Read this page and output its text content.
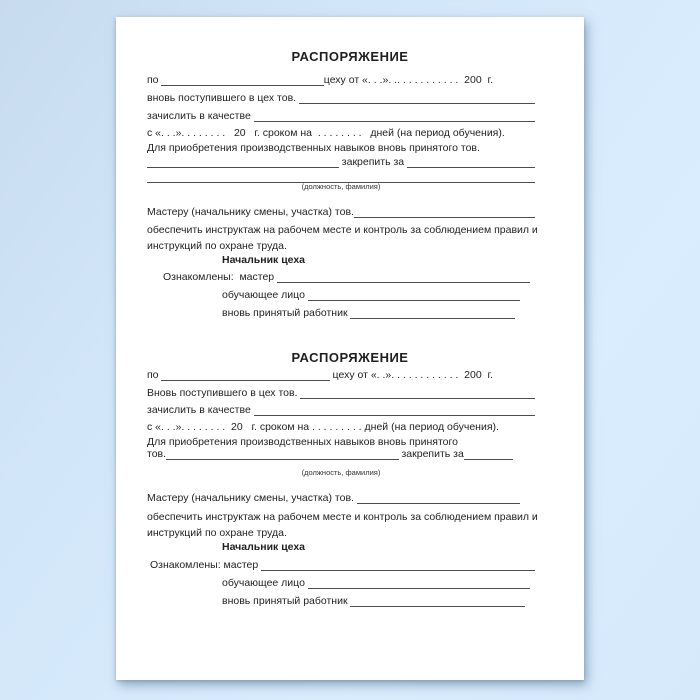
РАСПОРЯЖЕНИЕ
по	цеху от «. . .». .. . . . . . . . . . .  200  г.
вновь поступившего в цех тов.
зачислить в качестве
с «. . .». . . . . . . .   20   г. сроком на  . . . . . . . .   дней (на период обучения).
Для приобретения производственных навыков вновь принятого тов.
закрепить за
(должность, фамилия)
Мастеру (начальнику смены, участка) тов.
обеспечить инструктаж на рабочем месте и контроль за соблюдением правил и
инструкций по охране труда.
Начальник цеха
Ознакомлены:  мастер
обучающее лицо
вновь принятый работник
РАСПОРЯЖЕНИЕ
по	цеху от «. .». . . . . . . . . . . .  200  г.
Вновь поступившего в цех тов.
зачислить в качестве
с «. . .». . . . . . . .  20   г. сроком на . . . . . . . . . дней (на период обучения).
Для приобретения производственных навыков вновь принятого
тов.	закрепить за
(должность, фамилия)
Мастеру (начальнику смены, участка) тов.
обеспечить инструктаж на рабочем месте и контроль за соблюдением правил и
инструкций по охране труда.
Начальник цеха
Ознакомлены: мастер
обучающее лицо
вновь принятый работник
